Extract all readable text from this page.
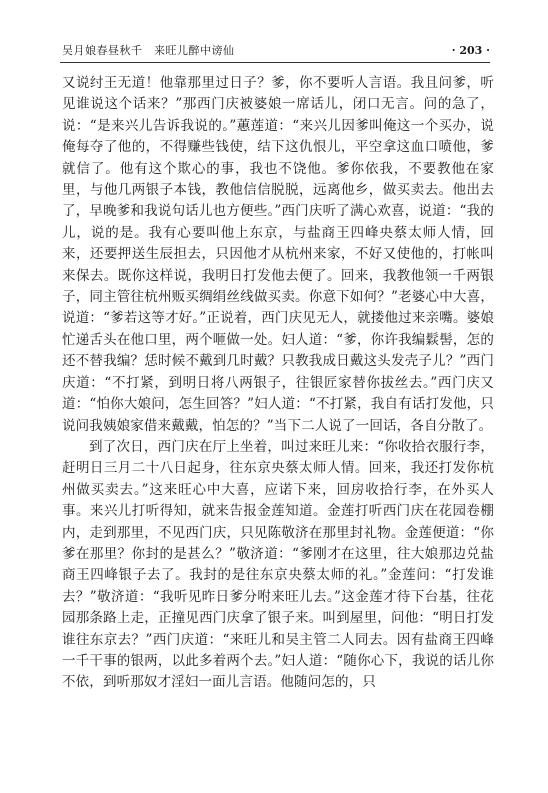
吴月娘春昼秋千　来旺儿醉中谤仙	· 203 ·

又说纣王无道！他靠那里过日子？爹，你不要听人言语。我且问爹，听见谁说这个话来？”那西门庆被婆娘一席话儿，闭口无言。问的急了，说：“是来兴儿告诉我说的。”蕙莲道：“来兴儿因爹叫俺这一个买办，说俺每夺了他的，不得赚些钱使，结下这仇恨儿，平空拿这血口喷他，爹就信了。他有这个欺心的事，我也不饶他。爹你依我，不要教他在家里，与他几两银子本钱，教他信信脱脱，远离他乡，做买卖去。他出去了，早晚爹和我说句话儿也方便些。”西门庆听了满心欢喜，说道：“我的儿，说的是。我有心要叫他上东京，与盐商王四峰央蔡太师人情，回来，还要押送生辰担去，只因他才从杭州来家，不好又使他的，打帐叫来保去。既你这样说，我明日打发他去便了。回来，我教他领一千两银子，同主管往杭州贩买绸绢丝线做买卖。你意下如何？”老婆心中大喜，说道：“爹若这等才好。”正说着，西门庆见无人，就搂他过来亲嘴。婆娘忙递舌头在他口里，两个咂做一处。妇人道：“爹，你许我编鬏髻，怎的还不替我编？恁时候不戴到几时戴？只教我成日戴这头发壳子儿？”西门庆道：“不打紧，到明日将八两银子，往银匠家替你拔丝去。”西门庆又道：“怕你大娘问，怎生回答？”妇人道：“不打紧，我自有话打发他，只说问我姨娘家借来戴戴，怕怎的？”当下二人说了一回话，各自分散了。

到了次日，西门庆在厅上坐着，叫过来旺儿来：“你收拾衣服行李，赶明日三月二十八日起身，往东京央蔡太师人情。回来，我还打发你杭州做买卖去。”这来旺心中大喜，应诺下来，回房收拾行李，在外买人事。来兴儿打听得知，就来告报金莲知道。金莲打听西门庆在花园卷棚内，走到那里，不见西门庆，只见陈敬济在那里封礼物。金莲便道：“你爹在那里？你封的是甚么？”敬济道：“爹刚才在这里，往大娘那边兑盐商王四峰银子去了。我封的是往东京央蔡太师的礼。”金莲问：“打发谁去？”敬济道：“我听见昨日爹分咐来旺儿去。”这金莲才待下台基，往花园那条路上走，正撞见西门庆拿了银子来。叫到屋里，问他：“明日打发谁往东京去？”西门庆道：“来旺儿和吴主管二人同去。因有盐商王四峰一千干事的银两，以此多着两个去。”妇人道：“随你心下，我说的话儿你不依，到听那奴才淫妇一面儿言语。他随问怎的，只
